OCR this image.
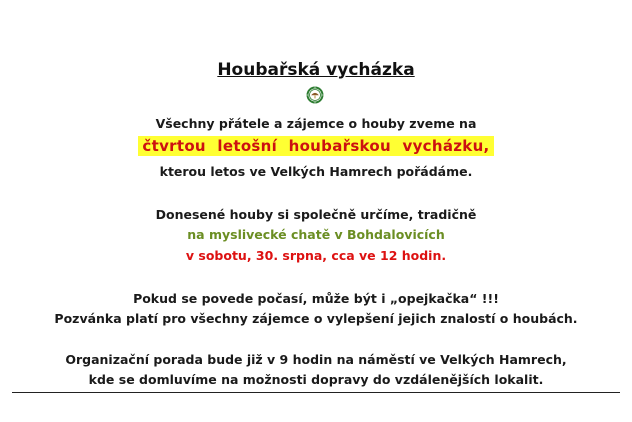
Houbařská vycházka
Všechny přátele a zájemce o houby zveme na
čtvrtou letošní houbařskou vycházku,
kterou letos ve Velkých Hamrech pořádáme.
Donesené houby si společně určíme, tradičně
na myslivecké chatě v Bohdalovicích
v sobotu, 30. srpna, cca ve 12 hodin.
Pokud se povede počasí, může být i „opejkačka“ !!!
Pozvánka platí pro všechny zájemce o vylepšení jejich znalostí o houbách.
Organizační porada bude již v 9 hodin na náměstí ve Velkých Hamrech,
kde se domluvíme na možnosti dopravy do vzdálenějších lokalit.
